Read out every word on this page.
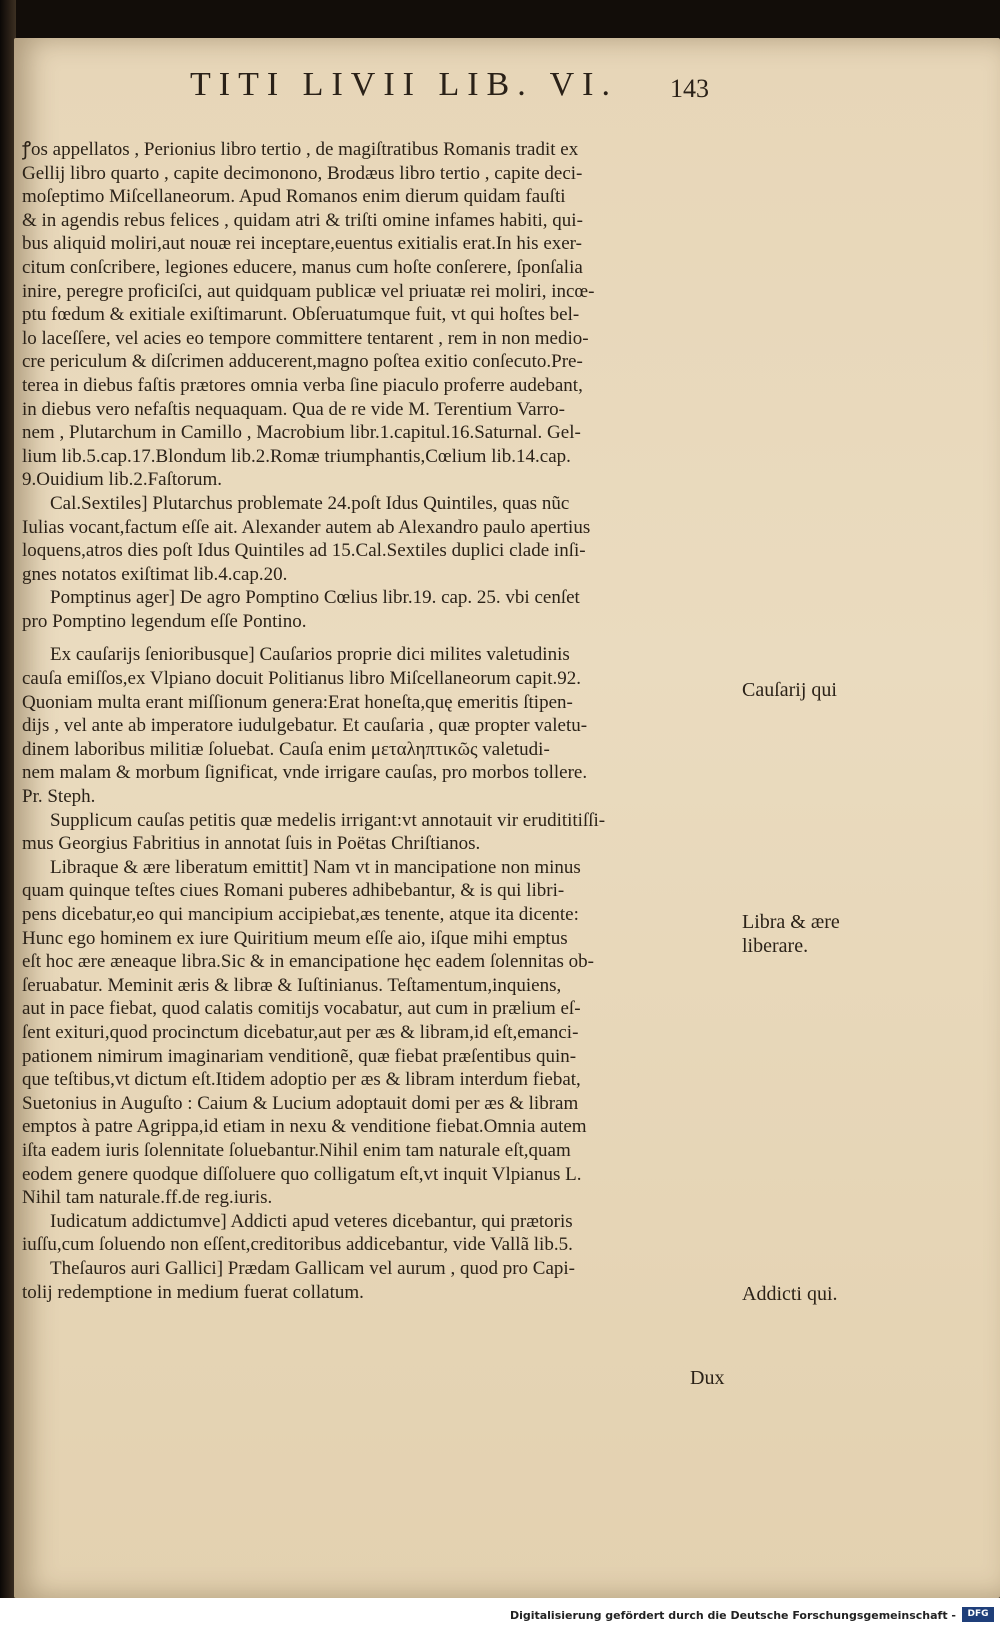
TITI LIVII LIB. VI.	143
ꝭos appellatos , Perionius libro tertio , de magiſtratibus Romanis tradit ex
Gellij libro quarto , capite decimonono, Brodæus libro tertio , capite deci-
moſeptimo Miſcellaneorum. Apud Romanos enim dierum quidam fauſti
& in agendis rebus felices , quidam atri & triſti omine infames habiti, qui-
bus aliquid moliri,aut nouæ rei inceptare,euentus exitialis erat.In his exer-
citum conſcribere, legiones educere, manus cum hoſte conſerere, ſponſalia
inire, peregre proficiſci, aut quidquam publicæ vel priuatæ rei moliri, incœ-
ptu fœdum & exitiale exiſtimarunt. Obſeruatumque fuit, vt qui hoſtes bel-
lo laceſſere, vel acies eo tempore committere tentarent , rem in non medio-
cre periculum & diſcrimen adducerent,magno poſtea exitio conſecuto.Pre-
terea in diebus faſtis prætores omnia verba ſine piaculo proferre audebant,
in diebus vero nefaſtis nequaquam. Qua de re vide M. Terentium Varro-
nem , Plutarchum in Camillo , Macrobium libr.1.capitul.16.Saturnal. Gel-
lium lib.5.cap.17.Blondum lib.2.Romæ triumphantis,Cœlium lib.14.cap.
9.Ouidium lib.2.Faſtorum.
Cal.Sextiles] Plutarchus problemate 24.poſt Idus Quintiles, quas nũc
Iulias vocant,factum eſſe ait. Alexander autem ab Alexandro paulo apertius
loquens,atros dies poſt Idus Quintiles ad 15.Cal.Sextiles duplici clade inſi-
gnes notatos exiſtimat lib.4.cap.20.
Pomptinus ager] De agro Pomptino Cœlius libr.19. cap. 25. vbi cenſet
pro Pomptino legendum eſſe Pontino.
Ex cauſarijs ſenioribusque] Cauſarios proprie dici milites valetudinis
cauſa emiſſos,ex Vlpiano docuit Politianus libro Miſcellaneorum capit.92.
Quoniam multa erant miſſionum genera:Erat honeſta,quę emeritis ſtipen-
dijs , vel ante ab imperatore iudulgebatur. Et cauſaria , quæ propter valetu-
dinem laboribus militiæ ſoluebat. Cauſa enim μεταληπτικῶς valetudi-
nem malam & morbum ſignificat, vnde irrigare cauſas, pro morbos tollere.
Pr. Steph.
Supplicum cauſas petitis quæ medelis irrigant:vt annotauit vir erudititiſſi-
mus Georgius Fabritius in annotat ſuis in Poëtas Chriſtianos.
Libraque & ære liberatum emittit] Nam vt in mancipatione non minus
quam quinque teſtes ciues Romani puberes adhibebantur, & is qui libri-
pens dicebatur,eo qui mancipium accipiebat,æs tenente, atque ita dicente:
Hunc ego hominem ex iure Quiritium meum eſſe aio, iſque mihi emptus
eſt hoc ære æneaque libra.Sic & in emancipatione hęc eadem ſolennitas ob-
ſeruabatur. Meminit æris & libræ & Iuſtinianus. Teſtamentum,inquiens,
aut in pace fiebat, quod calatis comitijs vocabatur, aut cum in prælium eſ-
ſent exituri,quod procinctum dicebatur,aut per æs & libram,id eſt,emanci-
pationem nimirum imaginariam venditionẽ, quæ fiebat præſentibus quin-
que teſtibus,vt dictum eſt.Itidem adoptio per æs & libram interdum fiebat,
Suetonius in Auguſto : Caium & Lucium adoptauit domi per æs & libram
emptos à patre Agrippa,id etiam in nexu & venditione fiebat.Omnia autem
iſta eadem iuris ſolennitate ſoluebantur.Nihil enim tam naturale eſt,quam
eodem genere quodque diſſoluere quo colligatum eſt,vt inquit Vlpianus L.
Nihil tam naturale.ff.de reg.iuris.
Iudicatum addictumve] Addicti apud veteres dicebantur, qui prætoris
iuſſu,cum ſoluendo non eſſent,creditoribus addicebantur, vide Vallã lib.5.
Theſauros auri Gallici] Prædam Gallicam vel aurum , quod pro Capi-
tolij redemptione in medium fuerat collatum.
Cauſarij qui
Libra & ære
liberare.
Addicti qui.
Dux
Digitalisierung gefördert durch die Deutsche Forschungsgemeinschaft -	DFG
